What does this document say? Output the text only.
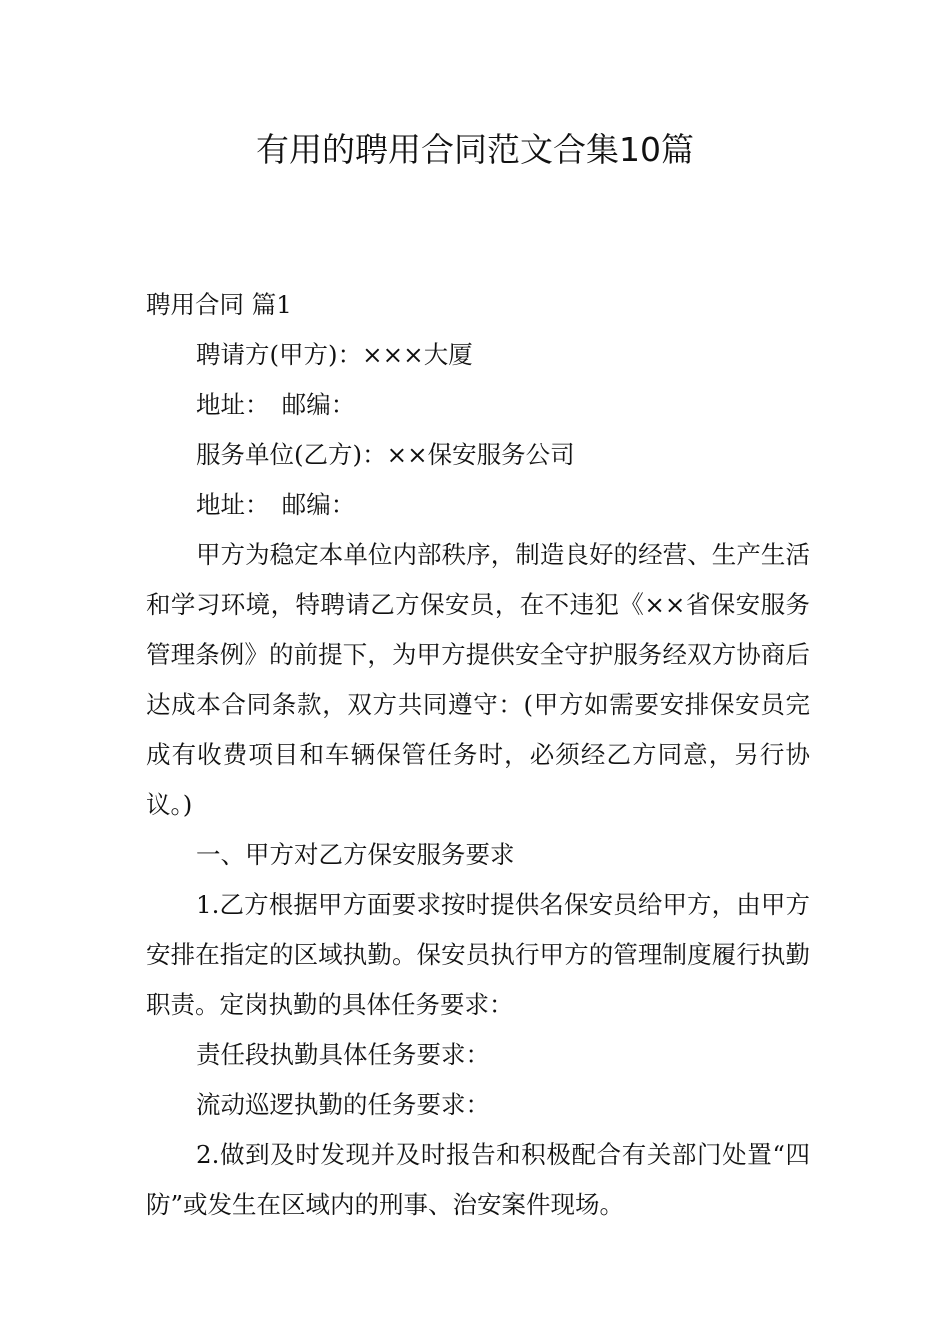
有用的聘用合同范文合集10篇

聘用合同 篇1

聘请方(甲方)：×××大厦

地址：　邮编：

服务单位(乙方)：××保安服务公司

地址：　邮编：

甲方为稳定本单位内部秩序，制造良好的经营、生产生活和学习环境，特聘请乙方保安员，在不违犯《××省保安服务管理条例》的前提下，为甲方提供安全守护服务经双方协商后达成本合同条款，双方共同遵守：(甲方如需要安排保安员完成有收费项目和车辆保管任务时，必须经乙方同意，另行协议。)

一、甲方对乙方保安服务要求

1.乙方根据甲方面要求按时提供名保安员给甲方，由甲方安排在指定的区域执勤。保安员执行甲方的管理制度履行执勤职责。定岗执勤的具体任务要求：

责任段执勤具体任务要求：

流动巡逻执勤的任务要求：

2.做到及时发现并及时报告和积极配合有关部门处置“四防”或发生在区域内的刑事、治安案件现场。
